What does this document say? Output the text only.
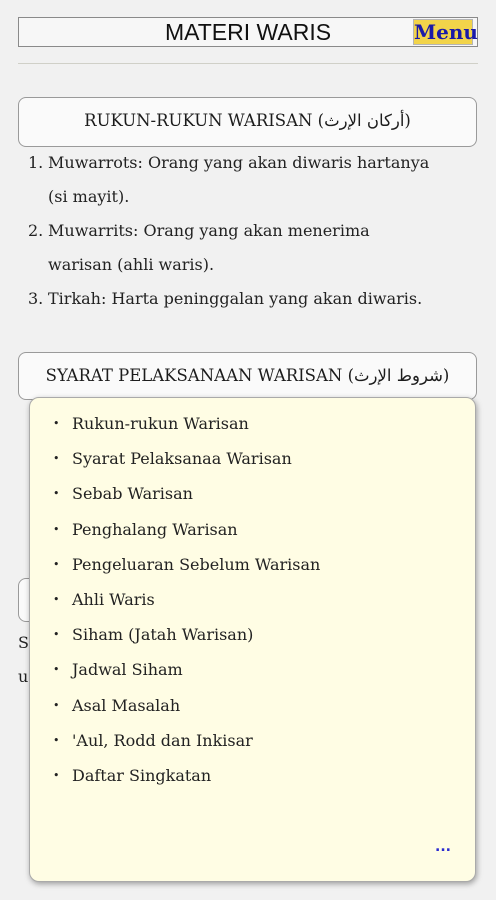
MATERI WARIS	Menu
RUKUN-RUKUN WARISAN (أركان الإرث)
1. Muwarrots: Orang yang akan diwaris hartanya
(si mayit).
2. Muwarrits: Orang yang akan menerima
warisan (ahli waris).
3. Tirkah: Harta peninggalan yang akan diwaris.
SYARAT PELAKSANAAN WARISAN (شروط الإرث)
S
u
• Rukun-rukun Warisan
• Syarat Pelaksanaa Warisan
• Sebab Warisan
• Penghalang Warisan
• Pengeluaran Sebelum Warisan
• Ahli Waris
• Siham (Jatah Warisan)
• Jadwal Siham
• Asal Masalah
• 'Aul, Rodd dan Inkisar
• Daftar Singkatan
...
